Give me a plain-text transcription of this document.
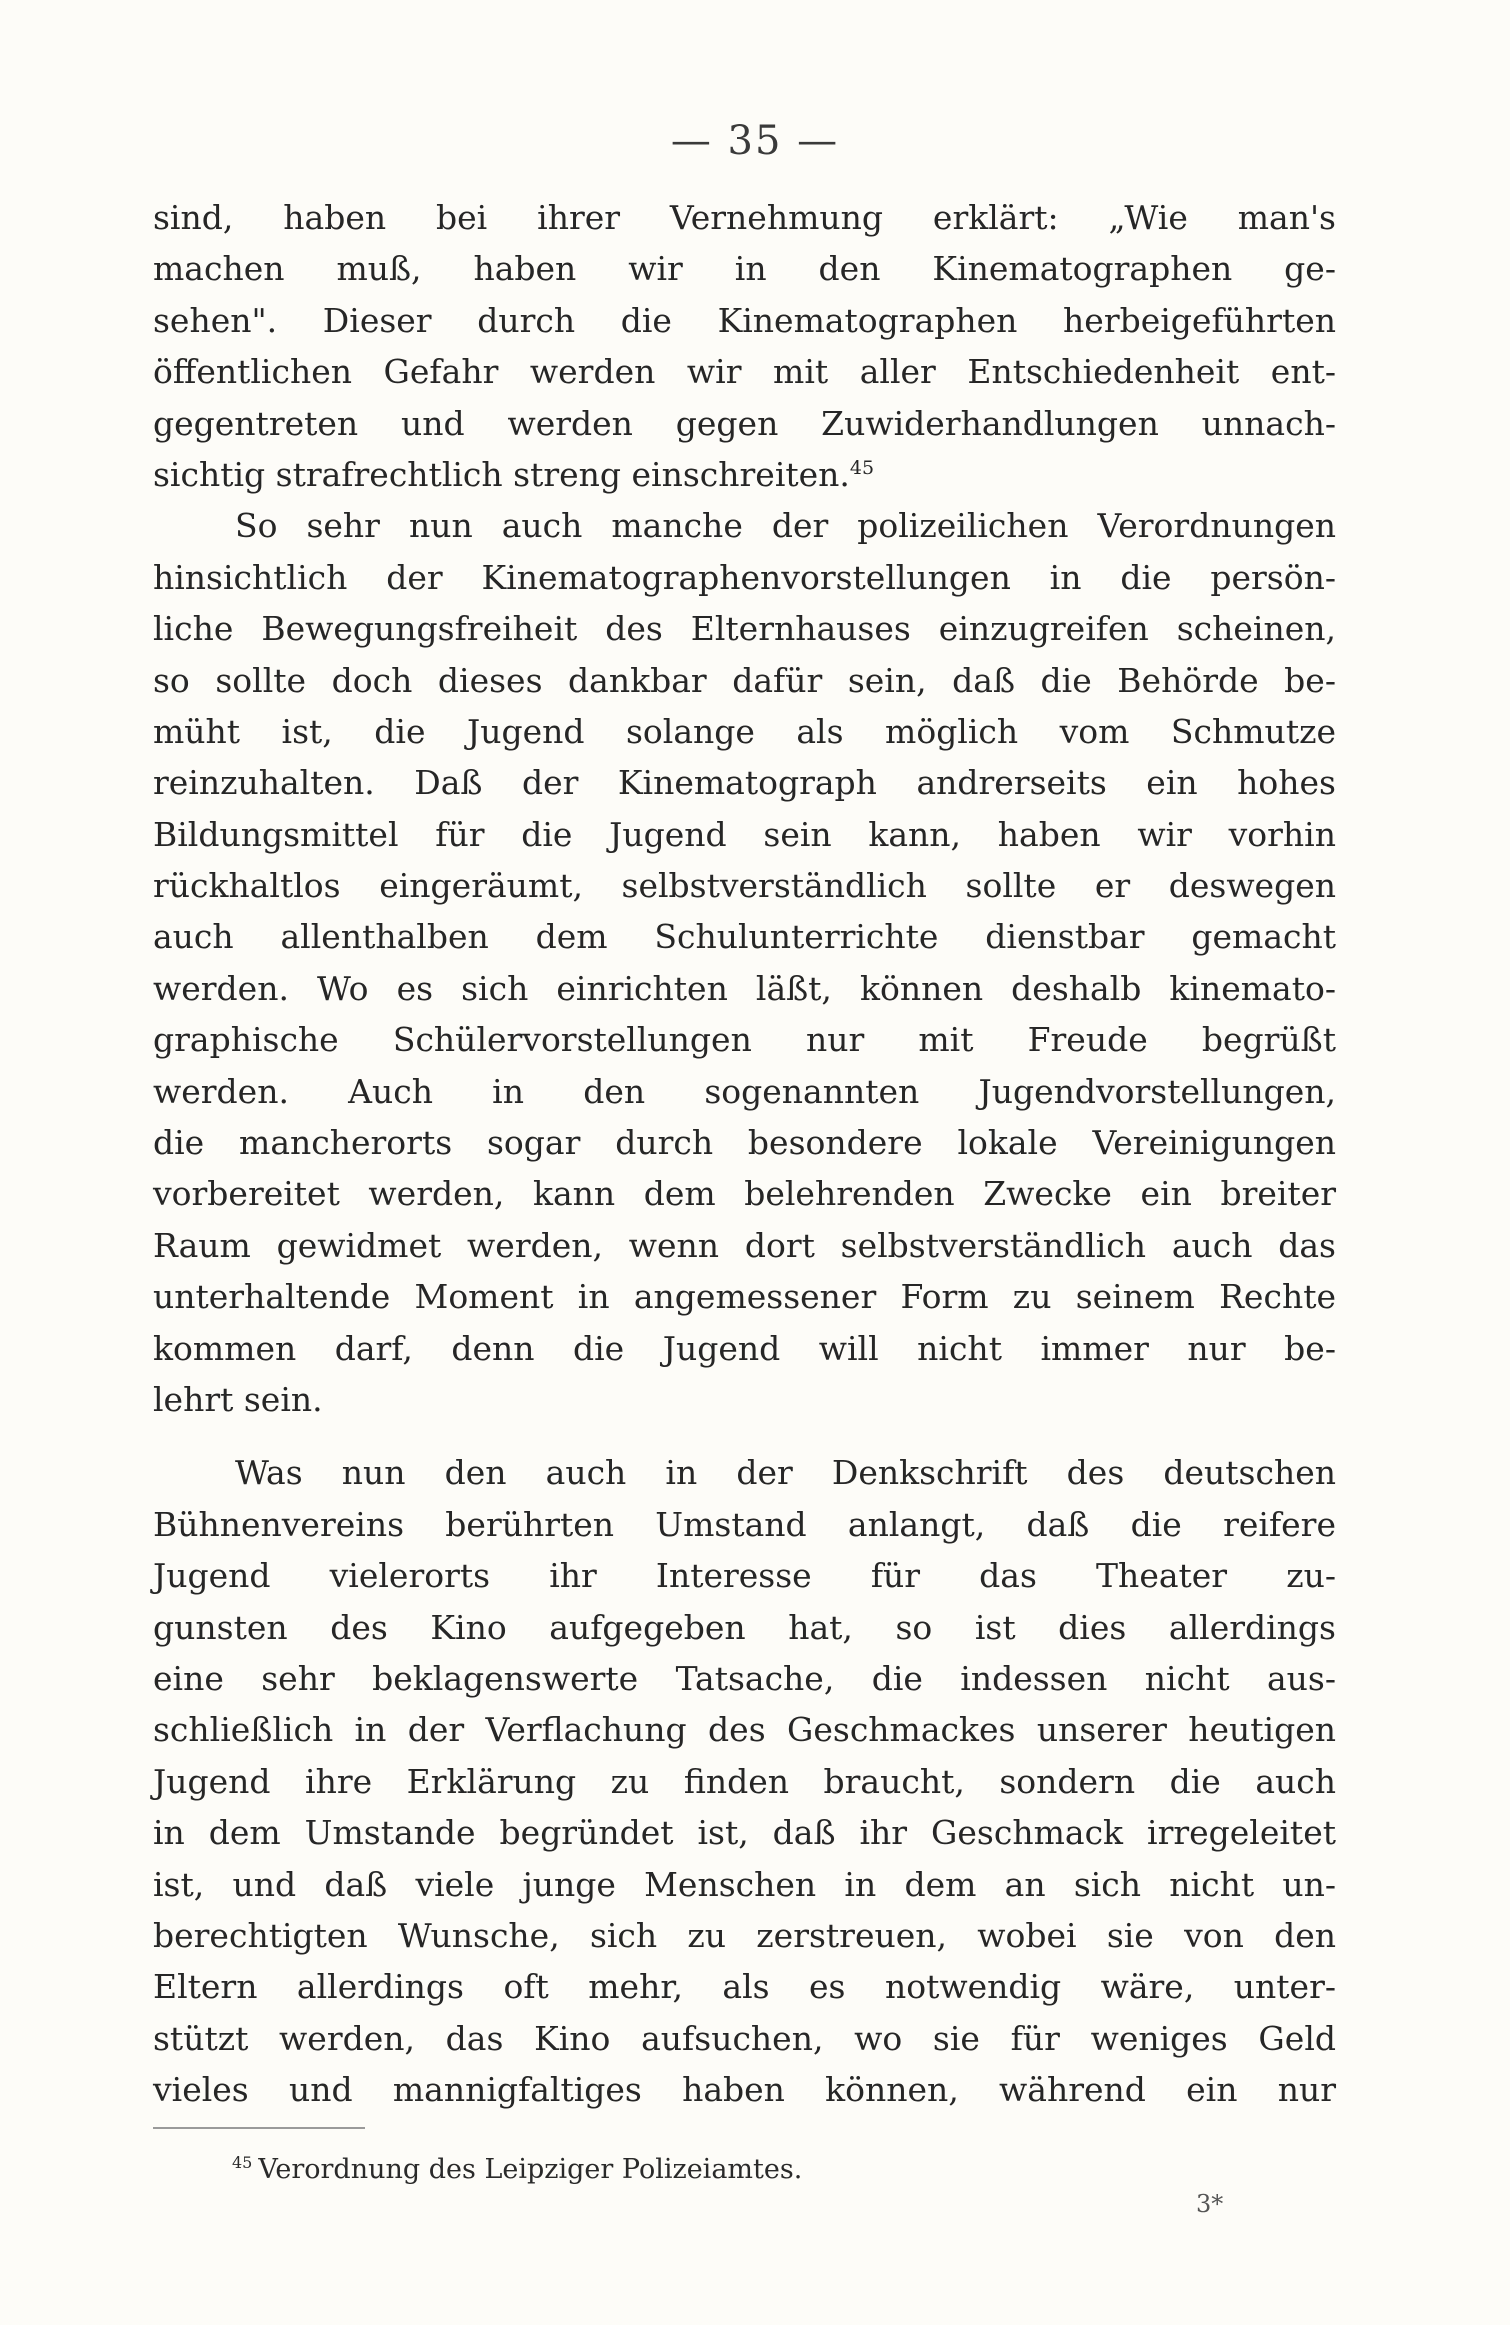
— 35 —
sind, haben bei ihrer Vernehmung erklärt: „Wie man's
machen muß, haben wir in den Kinematographen ge-
sehen". Dieser durch die Kinematographen herbeigeführten
öffentlichen Gefahr werden wir mit aller Entschiedenheit ent-
gegentreten und werden gegen Zuwiderhandlungen unnach-
sichtig strafrechtlich streng einschreiten.$^{45}$
So sehr nun auch manche der polizeilichen Verordnungen
hinsichtlich der Kinematographenvorstellungen in die persön-
liche Bewegungsfreiheit des Elternhauses einzugreifen scheinen,
so sollte doch dieses dankbar dafür sein, daß die Behörde be-
müht ist, die Jugend solange als möglich vom Schmutze
reinzuhalten. Daß der Kinematograph andrerseits ein hohes
Bildungsmittel für die Jugend sein kann, haben wir vorhin
rückhaltlos eingeräumt, selbstverständlich sollte er deswegen
auch allenthalben dem Schulunterrichte dienstbar gemacht
werden. Wo es sich einrichten läßt, können deshalb kinemato-
graphische Schülervorstellungen nur mit Freude begrüßt
werden. Auch in den sogenannten Jugendvorstellungen,
die mancherorts sogar durch besondere lokale Vereinigungen
vorbereitet werden, kann dem belehrenden Zwecke ein breiter
Raum gewidmet werden, wenn dort selbstverständlich auch das
unterhaltende Moment in angemessener Form zu seinem Rechte
kommen darf, denn die Jugend will nicht immer nur be-
lehrt sein.
Was nun den auch in der Denkschrift des deutschen
Bühnenvereins berührten Umstand anlangt, daß die reifere
Jugend vielerorts ihr Interesse für das Theater zu-
gunsten des Kino aufgegeben hat, so ist dies allerdings
eine sehr beklagenswerte Tatsache, die indessen nicht aus-
schließlich in der Verflachung des Geschmackes unserer heutigen
Jugend ihre Erklärung zu finden braucht, sondern die auch
in dem Umstande begründet ist, daß ihr Geschmack irregeleitet
ist, und daß viele junge Menschen in dem an sich nicht un-
berechtigten Wunsche, sich zu zerstreuen, wobei sie von den
Eltern allerdings oft mehr, als es notwendig wäre, unter-
stützt werden, das Kino aufsuchen, wo sie für weniges Geld
vieles und mannigfaltiges haben können, während ein nur
$^{45}$ Verordnung des Leipziger Polizeiamtes.
3*
